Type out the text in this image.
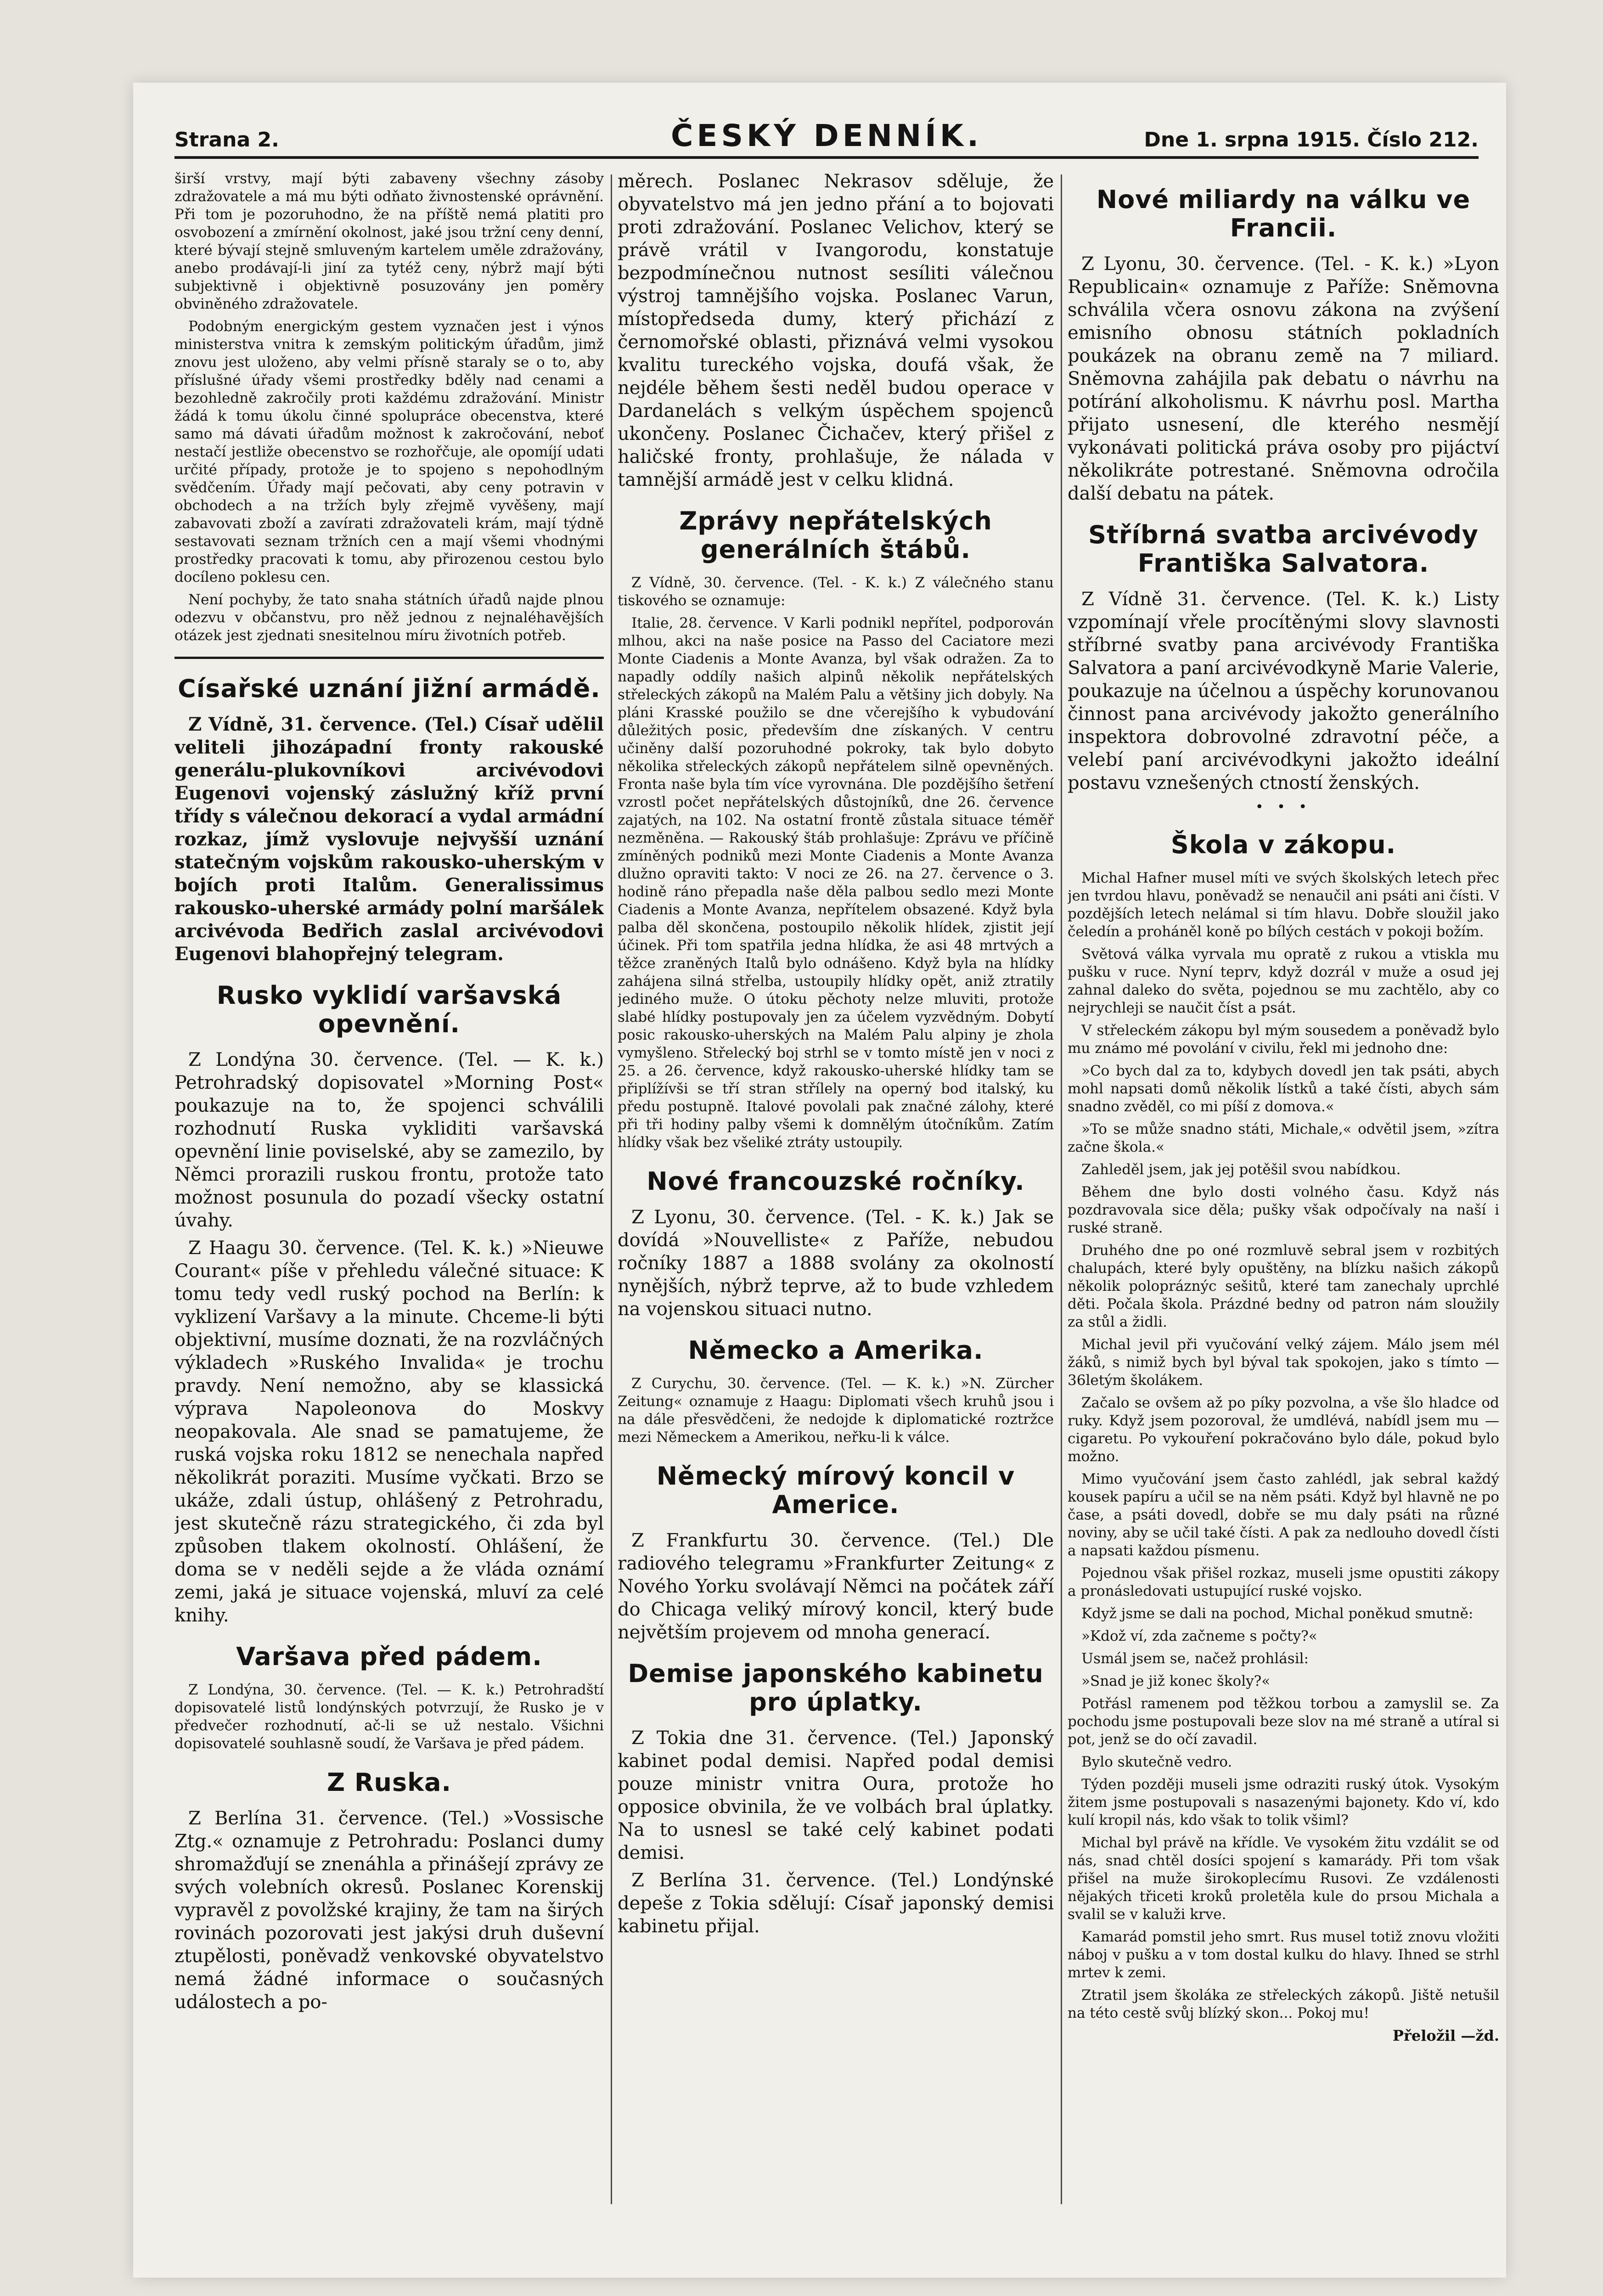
Strana 2.	ČESKÝ DENNÍK.	Dne 1. srpna 1915. Číslo 212.

širší vrstvy, mají býti zabaveny všechny zásoby zdražovatele a má mu býti odňato živnostenské oprávnění. Při tom je pozoruhodno, že na příště nemá platiti pro osvobození a zmírnění okolnost, jaké jsou tržní ceny denní, které bývají stejně smluveným kartelem uměle zdražovány, anebo prodávají-li jiní za tytéž ceny, nýbrž mají býti subjektivně i objektivně posuzovány jen poměry obviněného zdražovatele.

Podobným energickým gestem vyznačen jest i výnos ministerstva vnitra k zemským politickým úřadům, jimž znovu jest uloženo, aby velmi přísně staraly se o to, aby příslušné úřady všemi prostředky bděly nad cenami a bezohledně zakročily proti každému zdražování. Ministr žádá k tomu úkolu činné spolupráce obecenstva, které samo má dávati úřadům možnost k zakročování, neboť nestačí jestliže obecenstvo se rozhořčuje, ale opomíjí udati určité případy, protože je to spojeno s nepohodlným svědčením. Úřady mají pečovati, aby ceny potravin v obchodech a na tržích byly zřejmě vyvěšeny, mají zabavovati zboží a zavírati zdražovateli krám, mají týdně sestavovati seznam tržních cen a mají všemi vhodnými prostředky pracovati k tomu, aby přirozenou cestou bylo docíleno poklesu cen.

Není pochyby, že tato snaha státních úřadů najde plnou odezvu v občanstvu, pro něž jednou z nejnaléhavějších otázek jest zjednati snesitelnou míru životních potřeb.

Císařské uznání jižní armádě.

Z Vídně, 31. července. (Tel.) Císař udělil veliteli jihozápadní fronty rakouské generálu-plukovníkovi arcivévodovi Eugenovi vojenský záslužný kříž první třídy s válečnou dekorací a vydal armádní rozkaz, jímž vyslovuje nejvyšší uznání statečným vojskům rakousko-uherským v bojích proti Italům. Generalissimus rakousko-uherské armády polní maršálek arcivévoda Bedřich zaslal arcivévodovi Eugenovi blahopřejný telegram.

Rusko vyklidí varšavská opevnění.

Z Londýna 30. července. (Tel. — K. k.) Petrohradský dopisovatel »Morning Post« poukazuje na to, že spojenci schválili rozhodnutí Ruska vykliditi varšavská opevnění linie poviselské, aby se zamezilo, by Němci prorazili ruskou frontu, protože tato možnost posunula do pozadí všecky ostatní úvahy.

Z Haagu 30. července. (Tel. K. k.) »Nieuwe Courant« píše v přehledu válečné situace: K tomu tedy vedl ruský pochod na Berlín: k vyklizení Varšavy a la minute. Chceme-li býti objektivní, musíme doznati, že na rozvláčných výkladech »Ruského Invalida« je trochu pravdy. Není nemožno, aby se klassická výprava Napoleonova do Moskvy neopakovala. Ale snad se pamatujeme, že ruská vojska roku 1812 se nenechala napřed několikrát poraziti. Musíme vyčkati. Brzo se ukáže, zdali ústup, ohlášený z Petrohradu, jest skutečně rázu strategického, či zda byl způsoben tlakem okolností. Ohlášení, že doma se v neděli sejde a že vláda oznámí zemi, jaká je situace vojenská, mluví za celé knihy.

Varšava před pádem.

Z Londýna, 30. července. (Tel. — K. k.) Petrohradští dopisovatelé listů londýnských potvrzují, že Rusko je v předvečer rozhodnutí, ač-li se už nestalo. Všichni dopisovatelé souhlasně soudí, že Varšava je před pádem.

Z Ruska.

Z Berlína 31. července. (Tel.) »Vossische Ztg.« oznamuje z Petrohradu: Poslanci dumy shromažďují se znenáhla a přinášejí zprávy ze svých volebních okresů. Poslanec Korenskij vypravěl z povolžské krajiny, že tam na širých rovinách pozorovati jest jakýsi druh duševní ztupělosti, poněvadž venkovské obyvatelstvo nemá žádné informace o současných událostech a po-

měrech. Poslanec Nekrasov sděluje, že obyvatelstvo má jen jedno přání a to bojovati proti zdražování. Poslanec Velichov, který se právě vrátil v Ivangorodu, konstatuje bezpodmínečnou nutnost sesíliti válečnou výstroj tamnějšího vojska. Poslanec Varun, místopředseda dumy, který přichází z černomořské oblasti, přiznává velmi vysokou kvalitu tureckého vojska, doufá však, že nejdéle během šesti neděl budou operace v Dardanelách s velkým úspěchem spojenců ukončeny. Poslanec Čichačev, který přišel z haličské fronty, prohlašuje, že nálada v tamnější armádě jest v celku klidná.

Zprávy nepřátelských generálních štábů.

Z Vídně, 30. července. (Tel. - K. k.) Z válečného stanu tiskového se oznamuje:

Italie, 28. července. V Karli podnikl nepřítel, podporován mlhou, akci na naše posice na Passo del Caciatore mezi Monte Ciadenis a Monte Avanza, byl však odražen. Za to napadly oddíly našich alpinů několik nepřátelských střeleckých zákopů na Malém Palu a většiny jich dobyly. Na pláni Krasské použilo se dne včerejšího k vybudování důležitých posic, především dne získaných. V centru učiněny další pozoruhodné pokroky, tak bylo dobyto několika střeleckých zákopů nepřátelem silně opevněných. Fronta naše byla tím více vyrovnána. Dle pozdějšího šetření vzrostl počet nepřátelských důstojníků, dne 26. července zajatých, na 102. Na ostatní frontě zůstala situace téměř nezměněna. — Rakouský štáb prohlašuje: Zprávu ve příčině zmíněných podniků mezi Monte Ciadenis a Monte Avanza dlužno opraviti takto: V noci ze 26. na 27. července o 3. hodině ráno přepadla naše děla palbou sedlo mezi Monte Ciadenis a Monte Avanza, nepřítelem obsazené. Když byla palba děl skončena, postoupilo několik hlídek, zjistit její účinek. Při tom spatřila jedna hlídka, že asi 48 mrtvých a těžce zraněných Italů bylo odnášeno. Když byla na hlídky zahájena silná střelba, ustoupily hlídky opět, aniž ztratily jediného muže. O útoku pěchoty nelze mluviti, protože slabé hlídky postupovaly jen za účelem vyzvědným. Dobytí posic rakousko-uherských na Malém Palu alpiny je zhola vymyšleno. Střelecký boj strhl se v tomto místě jen v noci z 25. a 26. července, když rakousko-uherské hlídky tam se připlížívši se tří stran střílely na operný bod italský, ku předu postupně. Italové povolali pak značné zálohy, které při tři hodiny palby všemi k domnělým útočníkům. Zatím hlídky však bez všeliké ztráty ustoupily.

Nové francouzské ročníky.

Z Lyonu, 30. července. (Tel. - K. k.) Jak se dovídá »Nouvelliste« z Paříže, nebudou ročníky 1887 a 1888 svolány za okolností nynějších, nýbrž teprve, až to bude vzhledem na vojenskou situaci nutno.

Německo a Amerika.

Z Curychu, 30. července. (Tel. — K. k.) »N. Zürcher Zeitung« oznamuje z Haagu: Diplomati všech kruhů jsou i na dále přesvědčeni, že nedojde k diplomatické roztržce mezi Německem a Amerikou, neřku-li k válce.

Německý mírový koncil v Americe.

Z Frankfurtu 30. července. (Tel.) Dle radiového telegramu »Frankfurter Zeitung« z Nového Yorku svolávají Němci na počátek září do Chicaga veliký mírový koncil, který bude největším projevem od mnoha generací.

Demise japonského kabinetu pro úplatky.

Z Tokia dne 31. července. (Tel.) Japonský kabinet podal demisi. Napřed podal demisi pouze ministr vnitra Oura, protože ho opposice obvinila, že ve volbách bral úplatky. Na to usnesl se také celý kabinet podati demisi.

Z Berlína 31. července. (Tel.) Londýnské depeše z Tokia sdělují: Císař japonský demisi kabinetu přijal.

Nové miliardy na válku ve Francii.

Z Lyonu, 30. července. (Tel. - K. k.) »Lyon Republicain« oznamuje z Paříže: Sněmovna schválila včera osnovu zákona na zvýšení emisního obnosu státních pokladních poukázek na obranu země na 7 miliard. Sněmovna zahájila pak debatu o návrhu na potírání alkoholismu. K návrhu posl. Martha přijato usnesení, dle kterého nesmějí vykonávati politická práva osoby pro pijáctví několikráte potrestané. Sněmovna odročila další debatu na pátek.

Stříbrná svatba arcivévody Františka Salvatora.

Z Vídně 31. července. (Tel. K. k.) Listy vzpomínají vřele procítěnými slovy slavnosti stříbrné svatby pana arcivévody Františka Salvatora a paní arcivévodkyně Marie Valerie, poukazuje na účelnou a úspěchy korunovanou činnost pana arcivévody jakožto generálního inspektora dobrovolné zdravotní péče, a velebí paní arcivévodkyni jakožto ideální postavu vznešených ctností ženských.

• • •
Škola v zákopu.

Michal Hafner musel míti ve svých školských letech přec jen tvrdou hlavu, poněvadž se nenaučil ani psáti ani čísti. V pozdějších letech nelámal si tím hlavu. Dobře sloužil jako čeledín a proháněl koně po bílých cestách v pokoji božím.

Světová válka vyrvala mu opratě z rukou a vtiskla mu pušku v ruce. Nyní teprv, když dozrál v muže a osud jej zahnal daleko do světa, pojednou se mu zachtělo, aby co nejrychleji se naučit číst a psát.

V střeleckém zákopu byl mým sousedem a poněvadž bylo mu známo mé povolání v civilu, řekl mi jednoho dne:

»Co bych dal za to, kdybych dovedl jen tak psáti, abych mohl napsati domů několik lístků a také čísti, abych sám snadno zvěděl, co mi píší z domova.«

»To se může snadno státi, Michale,« odvětil jsem, »zítra začne škola.«

Zahleděl jsem, jak jej potěšil svou nabídkou.

Během dne bylo dosti volného času. Když nás pozdravovala sice děla; pušky však odpočívaly na naší i ruské straně.

Druhého dne po oné rozmluvě sebral jsem v rozbitých chalupách, které byly opuštěny, na blízku našich zákopů několik polopráznýc sešitů, které tam zanechaly uprchlé děti. Počala škola. Prázdné bedny od patron nám sloužily za stůl a židli.

Michal jevil při vyučování velký zájem. Málo jsem mél žáků, s nimiž bych byl býval tak spokojen, jako s tímto — 36letým školákem.

Začalo se ovšem až po píky pozvolna, a vše šlo hladce od ruky. Když jsem pozoroval, že umdlévá, nabídl jsem mu — cigaretu. Po vykouření pokračováno bylo dále, pokud bylo možno.

Mimo vyučování jsem často zahlédl, jak sebral každý kousek papíru a učil se na něm psáti. Když byl hlavně ne po čase, a psáti dovedl, dobře se mu daly psáti na různé noviny, aby se učil také čísti. A pak za nedlouho dovedl čísti a napsati každou písmenu.

Pojednou však přišel rozkaz, museli jsme opustiti zákopy a pronásledovati ustupující ruské vojsko.

Když jsme se dali na pochod, Michal poněkud smutně:

»Kdož ví, zda začneme s počty?«

Usmál jsem se, načež prohlásil:

»Snad je již konec školy?«

Potřásl ramenem pod těžkou torbou a zamyslil se. Za pochodu jsme postupovali beze slov na mé straně a utíral si pot, jenž se do očí zavadil.

Bylo skutečně vedro.

Týden později museli jsme odraziti ruský útok. Vysokým žitem jsme postupovali s nasazenými bajonety. Kdo ví, kdo kulí kropil nás, kdo však to tolik všiml?

Michal byl právě na křídle. Ve vysokém žitu vzdálit se od nás, snad chtěl dosíci spojení s kamarády. Při tom však přišel na muže širokoplecímu Rusovi. Ze vzdálenosti nějakých třiceti kroků proletěla kule do prsou Michala a svalil se v kaluži krve.

Kamarád pomstil jeho smrt. Rus musel totiž znovu vložiti náboj v pušku a v tom dostal kulku do hlavy. Ihned se strhl mrtev k zemi.

Ztratil jsem školáka ze střeleckých zákopů. Jiště netušil na této cestě svůj blízký skon... Pokoj mu!

Přeložil —žd.
